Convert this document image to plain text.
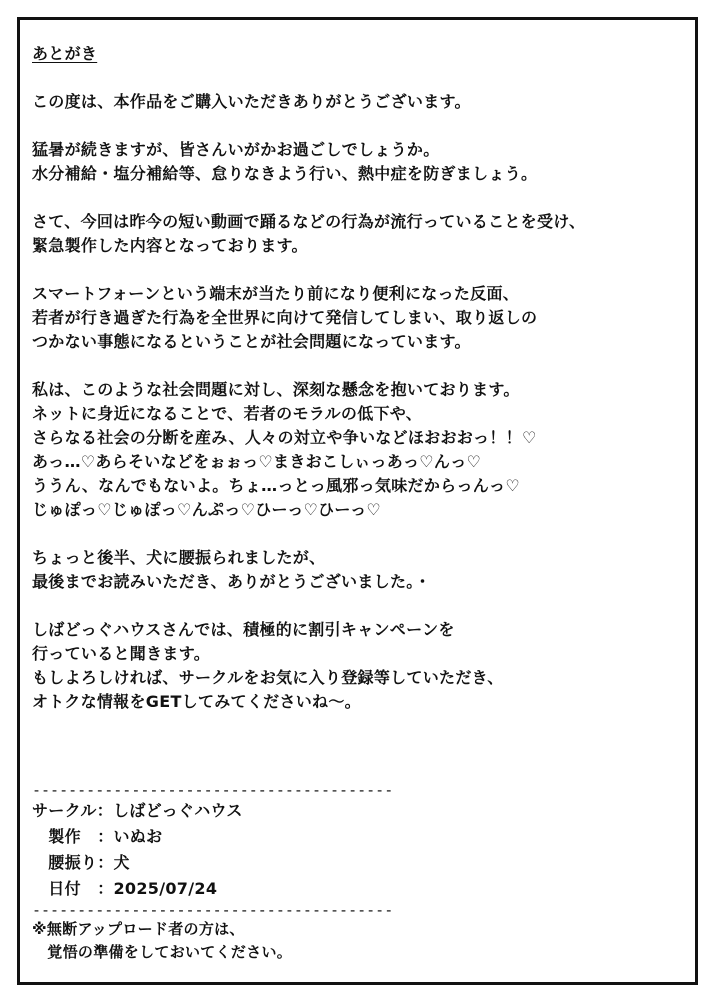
あとがき
この度は、本作品をご購入いただきありがとうございます。
猛暑が続きますが、皆さんいがかお過ごしでしょうか。
水分補給・塩分補給等、怠りなきよう行い、熱中症を防ぎましょう。
さて、今回は昨今の短い動画で踊るなどの行為が流行っていることを受け、
緊急製作した内容となっております。
スマートフォーンという端末が当たり前になり便利になった反面、
若者が行き過ぎた行為を全世界に向けて発信してしまい、取り返しの
つかない事態になるということが社会問題になっています。
私は、このような社会問題に対し、深刻な懸念を抱いております。
ネットに身近になることで、若者のモラルの低下や、
さらなる社会の分断を産み、人々の対立や争いなどほおおおっ！！♡
あっ…♡あらそいなどをぉぉっ♡まきおこしぃっあっ♡んっ♡
ううん、なんでもないよ。ちょ…っとっ風邪っ気味だからっんっ♡
じゅぽっ♡じゅぽっ♡んぷっ♡ひーっ♡ひーっ♡
ちょっと後半、犬に腰振られましたが、
最後までお読みいただき、ありがとうございました。・
しばどっぐハウスさんでは、積極的に割引キャンペーンを
行っていると聞きます。
もしよろしければ、サークルをお気に入り登録等していただき、
オトクな情報をGETしてみてくださいね～。
----------------------------------------
サークル：しばどっぐハウス
　製作　：いぬお
　腰振り：犬
　日付　：2025/07/24
----------------------------------------
※無断アップロード者の方は、
　覚悟の準備をしておいてください。
